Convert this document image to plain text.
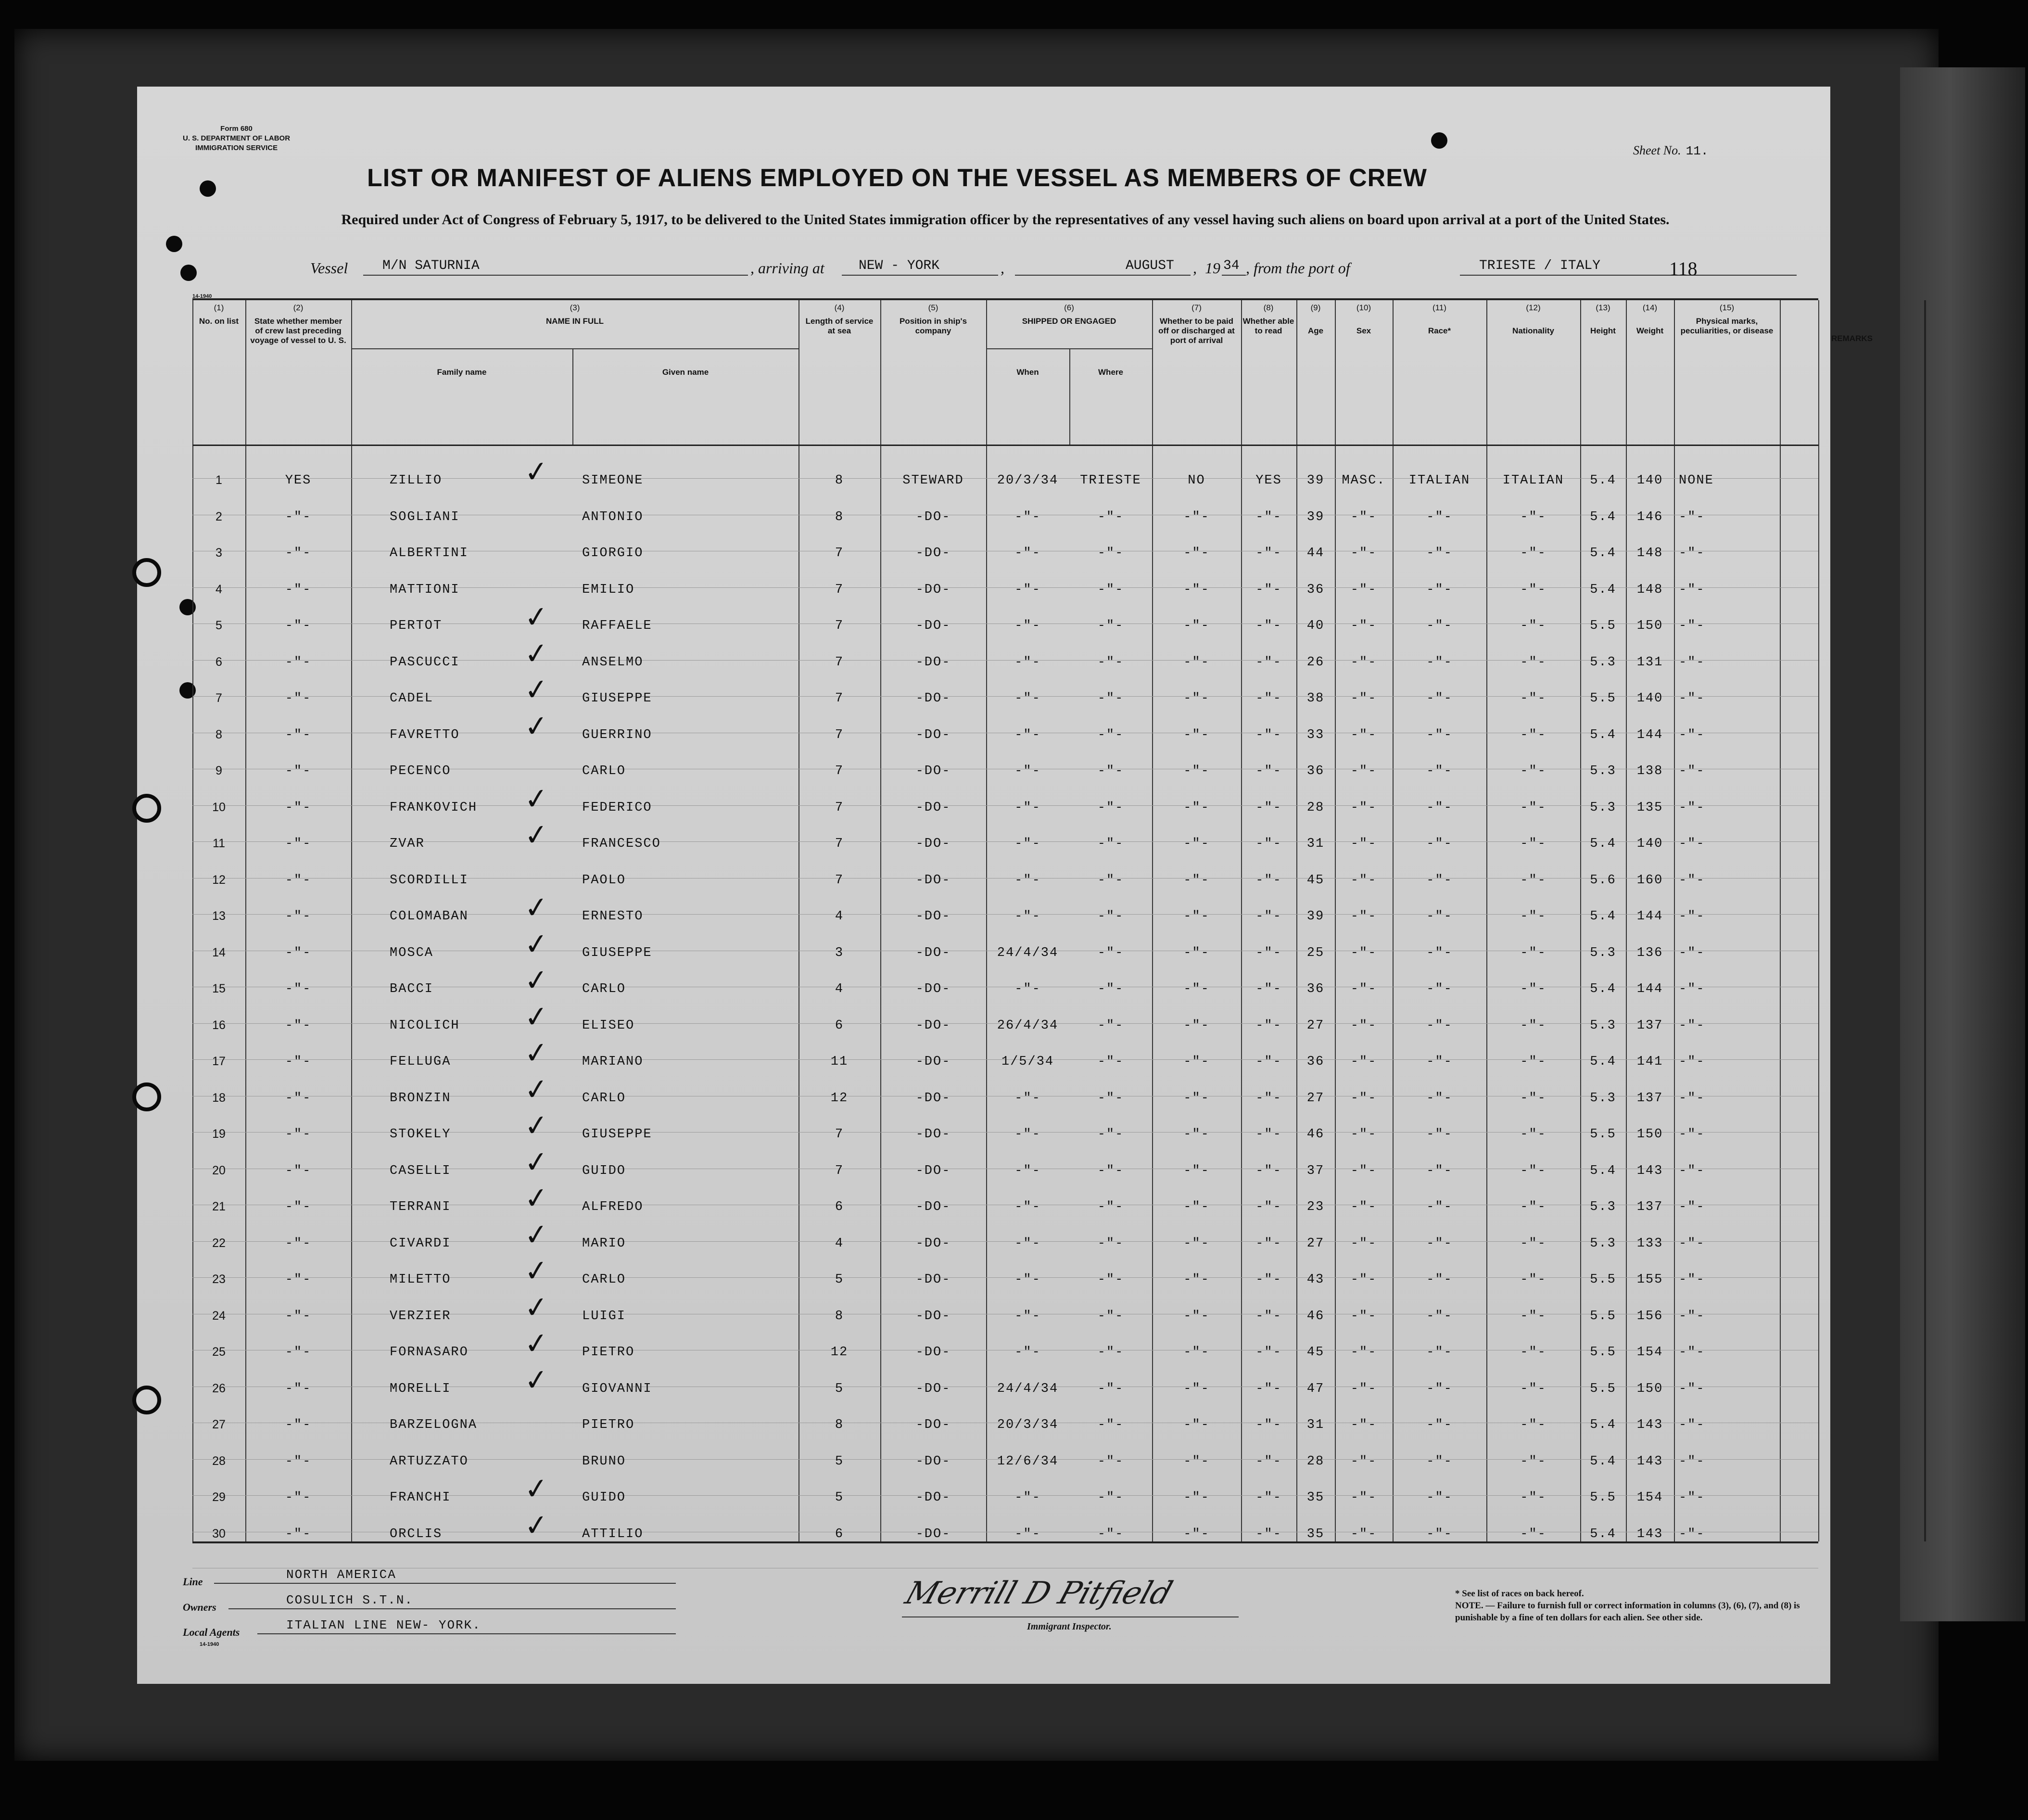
Form 680
U. S. DEPARTMENT OF LABOR
IMMIGRATION SERVICE	Sheet No. 11.
LIST OR MANIFEST OF ALIENS EMPLOYED ON THE VESSEL AS MEMBERS OF CREW
Required under Act of Congress of February 5, 1917, to be delivered to the United States immigration officer by the representatives of any vessel having such aliens on board upon arrival at a port of the United States.
Vessel	M/N SATURNIA	, arriving at	NEW - YORK	,	AUGUST , 19 34 , from the port of	TRIESTE / ITALY	118
14-1940
(1)
No. on list
(2)
State whether member of crew last preceding voyage of vessel to U. S.
(3)
NAME IN FULL
Family name	Given name
(4)
Length of service at sea
(5)
Position in ship's company
(6)
SHIPPED OR ENGAGED
When	Where
(7)
Whether to be paid off or discharged at port of arrival
(8)
Whether able to read
(9)

Age
(10)

Sex
(11)

Race*
(12)

Nationality
(13)

Height
(14)

Weight
(15)
Physical marks, peculiarities, or disease
REMARKS
1	YES	ZILLIO	SIMEONE	8	STEWARD	20/3/34	TRIESTE	NO	YES	39	MASC.	ITALIAN	ITALIAN	5.4	140	NONE
✓
2	-"-	SOGLIANI	ANTONIO	8	-DO-	-"-	-"-	-"-	-"-	39	-"-	-"-	-"-	5.4	146	-"-
3	-"-	ALBERTINI	GIORGIO	7	-DO-	-"-	-"-	-"-	-"-	44	-"-	-"-	-"-	5.4	148	-"-
4	-"-	MATTIONI	EMILIO	7	-DO-	-"-	-"-	-"-	-"-	36	-"-	-"-	-"-	5.4	148	-"-
5	-"-	PERTOT	RAFFAELE	7	-DO-	-"-	-"-	-"-	-"-	40	-"-	-"-	-"-	5.5	150	-"-
✓
6	-"-	PASCUCCI	ANSELMO	7	-DO-	-"-	-"-	-"-	-"-	26	-"-	-"-	-"-	5.3	131	-"-
✓
7	-"-	CADEL	GIUSEPPE	7	-DO-	-"-	-"-	-"-	-"-	38	-"-	-"-	-"-	5.5	140	-"-
✓
8	-"-	FAVRETTO	GUERRINO	7	-DO-	-"-	-"-	-"-	-"-	33	-"-	-"-	-"-	5.4	144	-"-
✓
9	-"-	PECENCO	CARLO	7	-DO-	-"-	-"-	-"-	-"-	36	-"-	-"-	-"-	5.3	138	-"-
10	-"-	FRANKOVICH	FEDERICO	7	-DO-	-"-	-"-	-"-	-"-	28	-"-	-"-	-"-	5.3	135	-"-
✓
11	-"-	ZVAR	FRANCESCO	7	-DO-	-"-	-"-	-"-	-"-	31	-"-	-"-	-"-	5.4	140	-"-
✓
12	-"-	SCORDILLI	PAOLO	7	-DO-	-"-	-"-	-"-	-"-	45	-"-	-"-	-"-	5.6	160	-"-
13	-"-	COLOMABAN	ERNESTO	4	-DO-	-"-	-"-	-"-	-"-	39	-"-	-"-	-"-	5.4	144	-"-
✓
14	-"-	MOSCA	GIUSEPPE	3	-DO-	24/4/34	-"-	-"-	-"-	25	-"-	-"-	-"-	5.3	136	-"-
✓
15	-"-	BACCI	CARLO	4	-DO-	-"-	-"-	-"-	-"-	36	-"-	-"-	-"-	5.4	144	-"-
✓
16	-"-	NICOLICH	ELISEO	6	-DO-	26/4/34	-"-	-"-	-"-	27	-"-	-"-	-"-	5.3	137	-"-
✓
17	-"-	FELLUGA	MARIANO	11	-DO-	1/5/34	-"-	-"-	-"-	36	-"-	-"-	-"-	5.4	141	-"-
✓
18	-"-	BRONZIN	CARLO	12	-DO-	-"-	-"-	-"-	-"-	27	-"-	-"-	-"-	5.3	137	-"-
✓
19	-"-	STOKELY	GIUSEPPE	7	-DO-	-"-	-"-	-"-	-"-	46	-"-	-"-	-"-	5.5	150	-"-
✓
20	-"-	CASELLI	GUIDO	7	-DO-	-"-	-"-	-"-	-"-	37	-"-	-"-	-"-	5.4	143	-"-
✓
21	-"-	TERRANI	ALFREDO	6	-DO-	-"-	-"-	-"-	-"-	23	-"-	-"-	-"-	5.3	137	-"-
✓
22	-"-	CIVARDI	MARIO	4	-DO-	-"-	-"-	-"-	-"-	27	-"-	-"-	-"-	5.3	133	-"-
✓
23	-"-	MILETTO	CARLO	5	-DO-	-"-	-"-	-"-	-"-	43	-"-	-"-	-"-	5.5	155	-"-
✓
24	-"-	VERZIER	LUIGI	8	-DO-	-"-	-"-	-"-	-"-	46	-"-	-"-	-"-	5.5	156	-"-
✓
25	-"-	FORNASARO	PIETRO	12	-DO-	-"-	-"-	-"-	-"-	45	-"-	-"-	-"-	5.5	154	-"-
✓
26	-"-	MORELLI	GIOVANNI	5	-DO-	24/4/34	-"-	-"-	-"-	47	-"-	-"-	-"-	5.5	150	-"-
✓
27	-"-	BARZELOGNA	PIETRO	8	-DO-	20/3/34	-"-	-"-	-"-	31	-"-	-"-	-"-	5.4	143	-"-
28	-"-	ARTUZZATO	BRUNO	5	-DO-	12/6/34	-"-	-"-	-"-	28	-"-	-"-	-"-	5.4	143	-"-
29	-"-	FRANCHI	GUIDO	5	-DO-	-"-	-"-	-"-	-"-	35	-"-	-"-	-"-	5.5	154	-"-
✓
30	-"-	ORCLIS	ATTILIO	6	-DO-	-"-	-"-	-"-	-"-	35	-"-	-"-	-"-	5.4	143	-"-
✓
Line	NORTH AMERICA
Owners	COSULICH S.T.N.
Local Agents	ITALIAN LINE NEW- YORK.
14-1940
Merrill D Pitfield
Immigrant Inspector.
* See list of races on back hereof.
NOTE. — Failure to furnish full or correct information in columns (3), (6), (7), and (8) is punishable by a fine of ten dollars for each alien. See other side.
